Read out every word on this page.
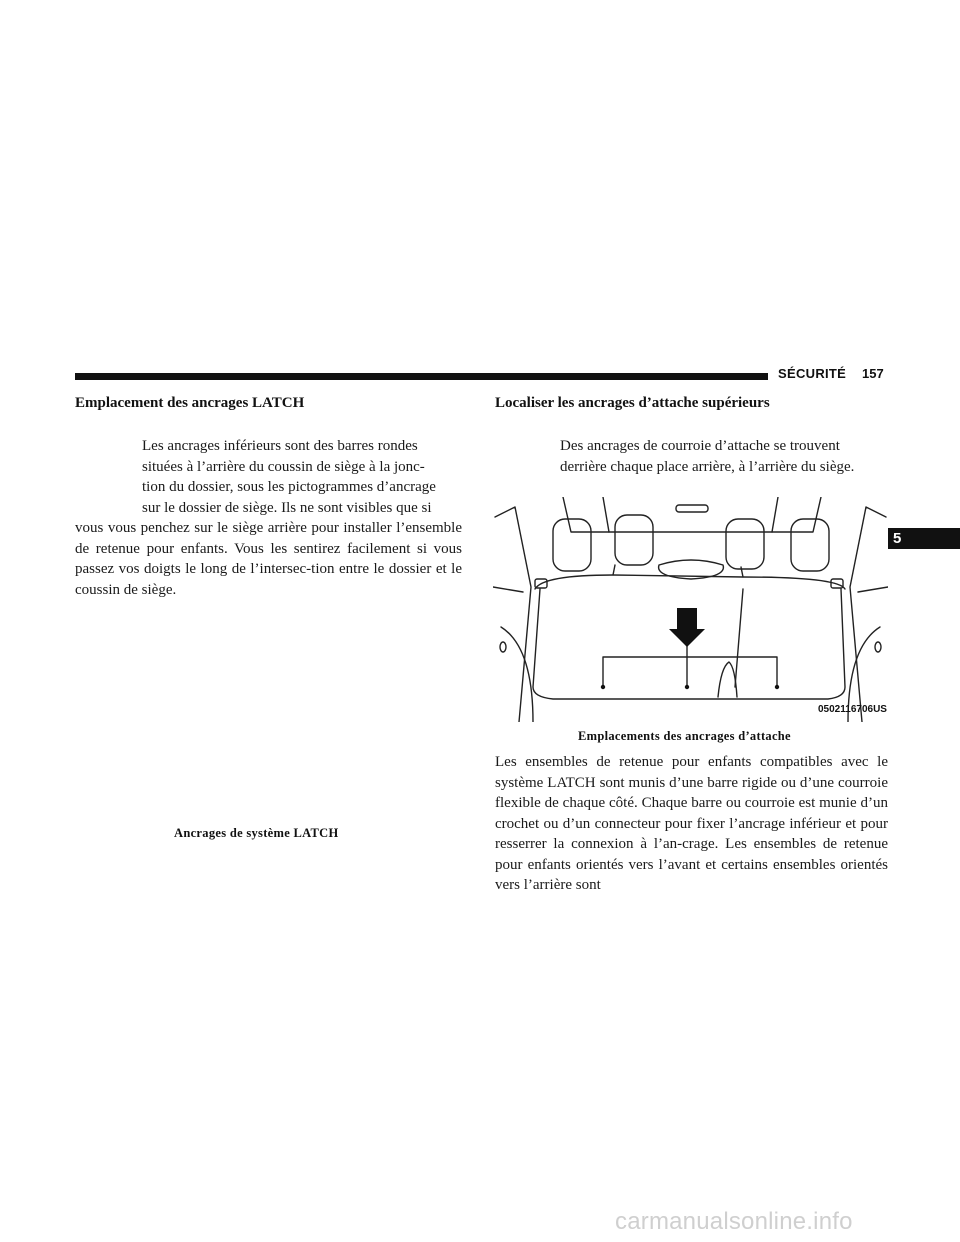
SÉCURITÉ 157
5
Emplacement des ancrages LATCH
Les ancrages inférieurs sont des barres rondes
situées à l’arrière du coussin de siège à la jonc-
tion du dossier, sous les pictogrammes d’ancrage
sur le dossier de siège. Ils ne sont visibles que si

vous vous penchez sur le siège arrière pour installer l’ensemble de retenue pour enfants. Vous les sentirez facilement si vous passez vos doigts le long de l’intersec-tion entre le dossier et le coussin de siège.

Ancrages de système LATCH
Localiser les ancrages d’attache supérieurs
Des ancrages de courroie d’attache se trouvent
derrière chaque place arrière, à l’arrière du siège.
0502116706US
Emplacements des ancrages d’attache

Les ensembles de retenue pour enfants compatibles avec le système LATCH sont munis d’une barre rigide ou d’une courroie flexible de chaque côté. Chaque barre ou courroie est munie d’un crochet ou d’un connecteur pour fixer l’ancrage inférieur et pour resserrer la connexion à l’an-crage. Les ensembles de retenue pour enfants orientés vers l’avant et certains ensembles orientés vers l’arrière sont

carmanualsonline.info
